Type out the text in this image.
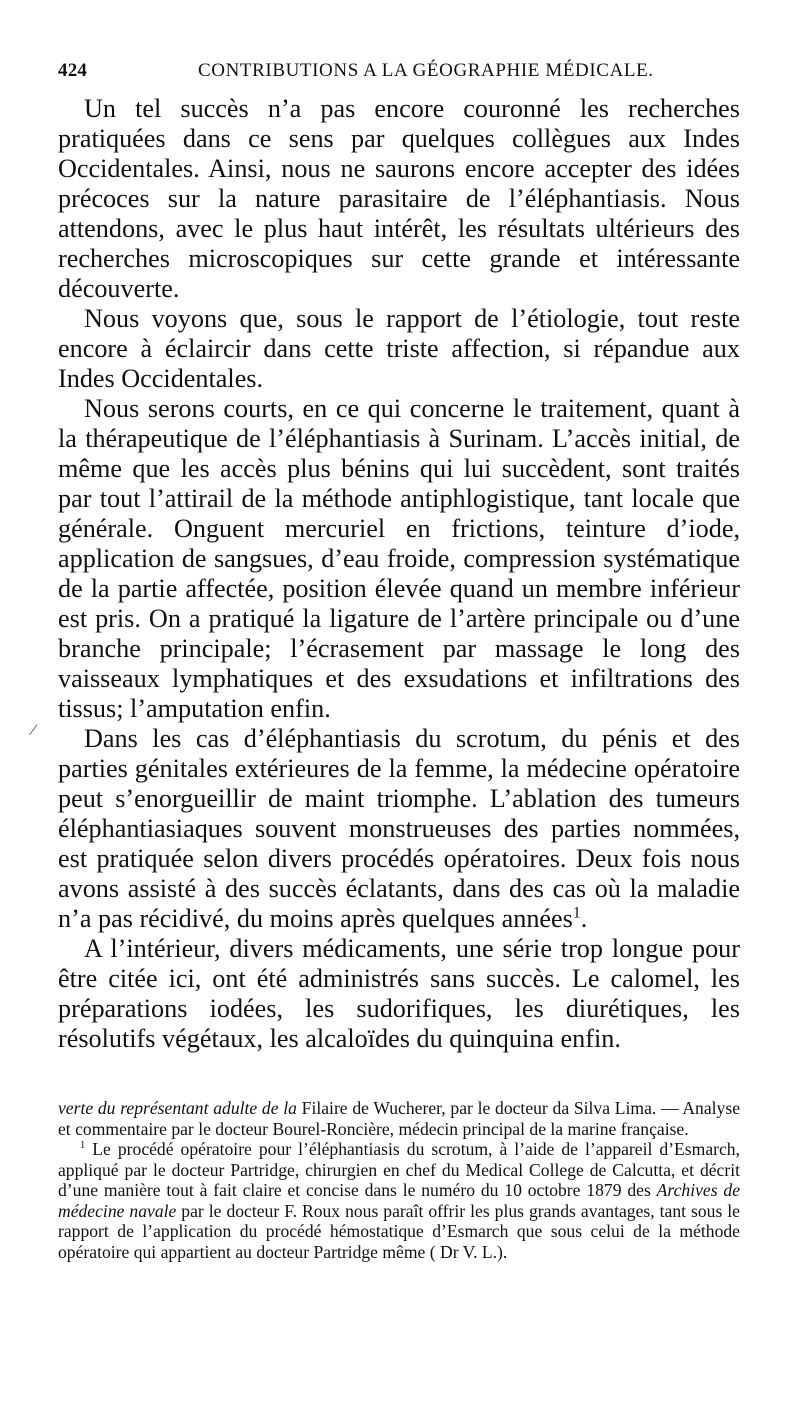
424	CONTRIBUTIONS A LA GÉOGRAPHIE MÉDICALE.
⁄

Un tel succès n’a pas encore couronné les recherches pratiquées dans ce sens par quelques collègues aux Indes Occidentales. Ainsi, nous ne saurons encore accepter des idées précoces sur la nature parasitaire de l’éléphantiasis. Nous attendons, avec le plus haut intérêt, les résultats ultérieurs des recherches microscopiques sur cette grande et intéressante découverte.

Nous voyons que, sous le rapport de l’étiologie, tout reste encore à éclaircir dans cette triste affection, si répandue aux Indes Occidentales.

Nous serons courts, en ce qui concerne le traitement, quant à la thérapeutique de l’éléphantiasis à Surinam. L’accès initial, de même que les accès plus bénins qui lui succèdent, sont traités par tout l’attirail de la méthode antiphlogistique, tant locale que générale. Onguent mercuriel en frictions, teinture d’iode, application de sangsues, d’eau froide, compression systématique de la partie affectée, position élevée quand un membre inférieur est pris. On a pratiqué la ligature de l’artère principale ou d’une branche principale; l’écrasement par massage le long des vaisseaux lymphatiques et des exsudations et infiltrations des tissus; l’amputation enfin.

Dans les cas d’éléphantiasis du scrotum, du pénis et des parties génitales extérieures de la femme, la médecine opératoire peut s’enorgueillir de maint triomphe. L’ablation des tumeurs éléphantiasiaques souvent monstrueuses des parties nommées, est pratiquée selon divers procédés opératoires. Deux fois nous avons assisté à des succès éclatants, dans des cas où la maladie n’a pas récidivé, du moins après quelques années$^1$.

A l’intérieur, divers médicaments, une série trop longue pour être citée ici, ont été administrés sans succès. Le calomel, les préparations iodées, les sudorifiques, les diurétiques, les résolutifs végétaux, les alcaloïdes du quinquina enfin.

verte du représentant adulte de la Filaire de Wucherer, par le docteur da Silva Lima. — Analyse et commentaire par le docteur Bourel-Roncière, médecin principal de la marine française.

$^1$ Le procédé opératoire pour l’éléphantiasis du scrotum, à l’aide de l’appareil d’Esmarch, appliqué par le docteur Partridge, chirurgien en chef du Medical College de Calcutta, et décrit d’une manière tout à fait claire et concise dans le numéro du 10 octobre 1879 des Archives de médecine navale par le docteur F. Roux nous paraît offrir les plus grands avantages, tant sous le rapport de l’application du procédé hémostatique d’Esmarch que sous celui de la méthode opératoire qui appartient au docteur Partridge même ( Dr V. L.).
